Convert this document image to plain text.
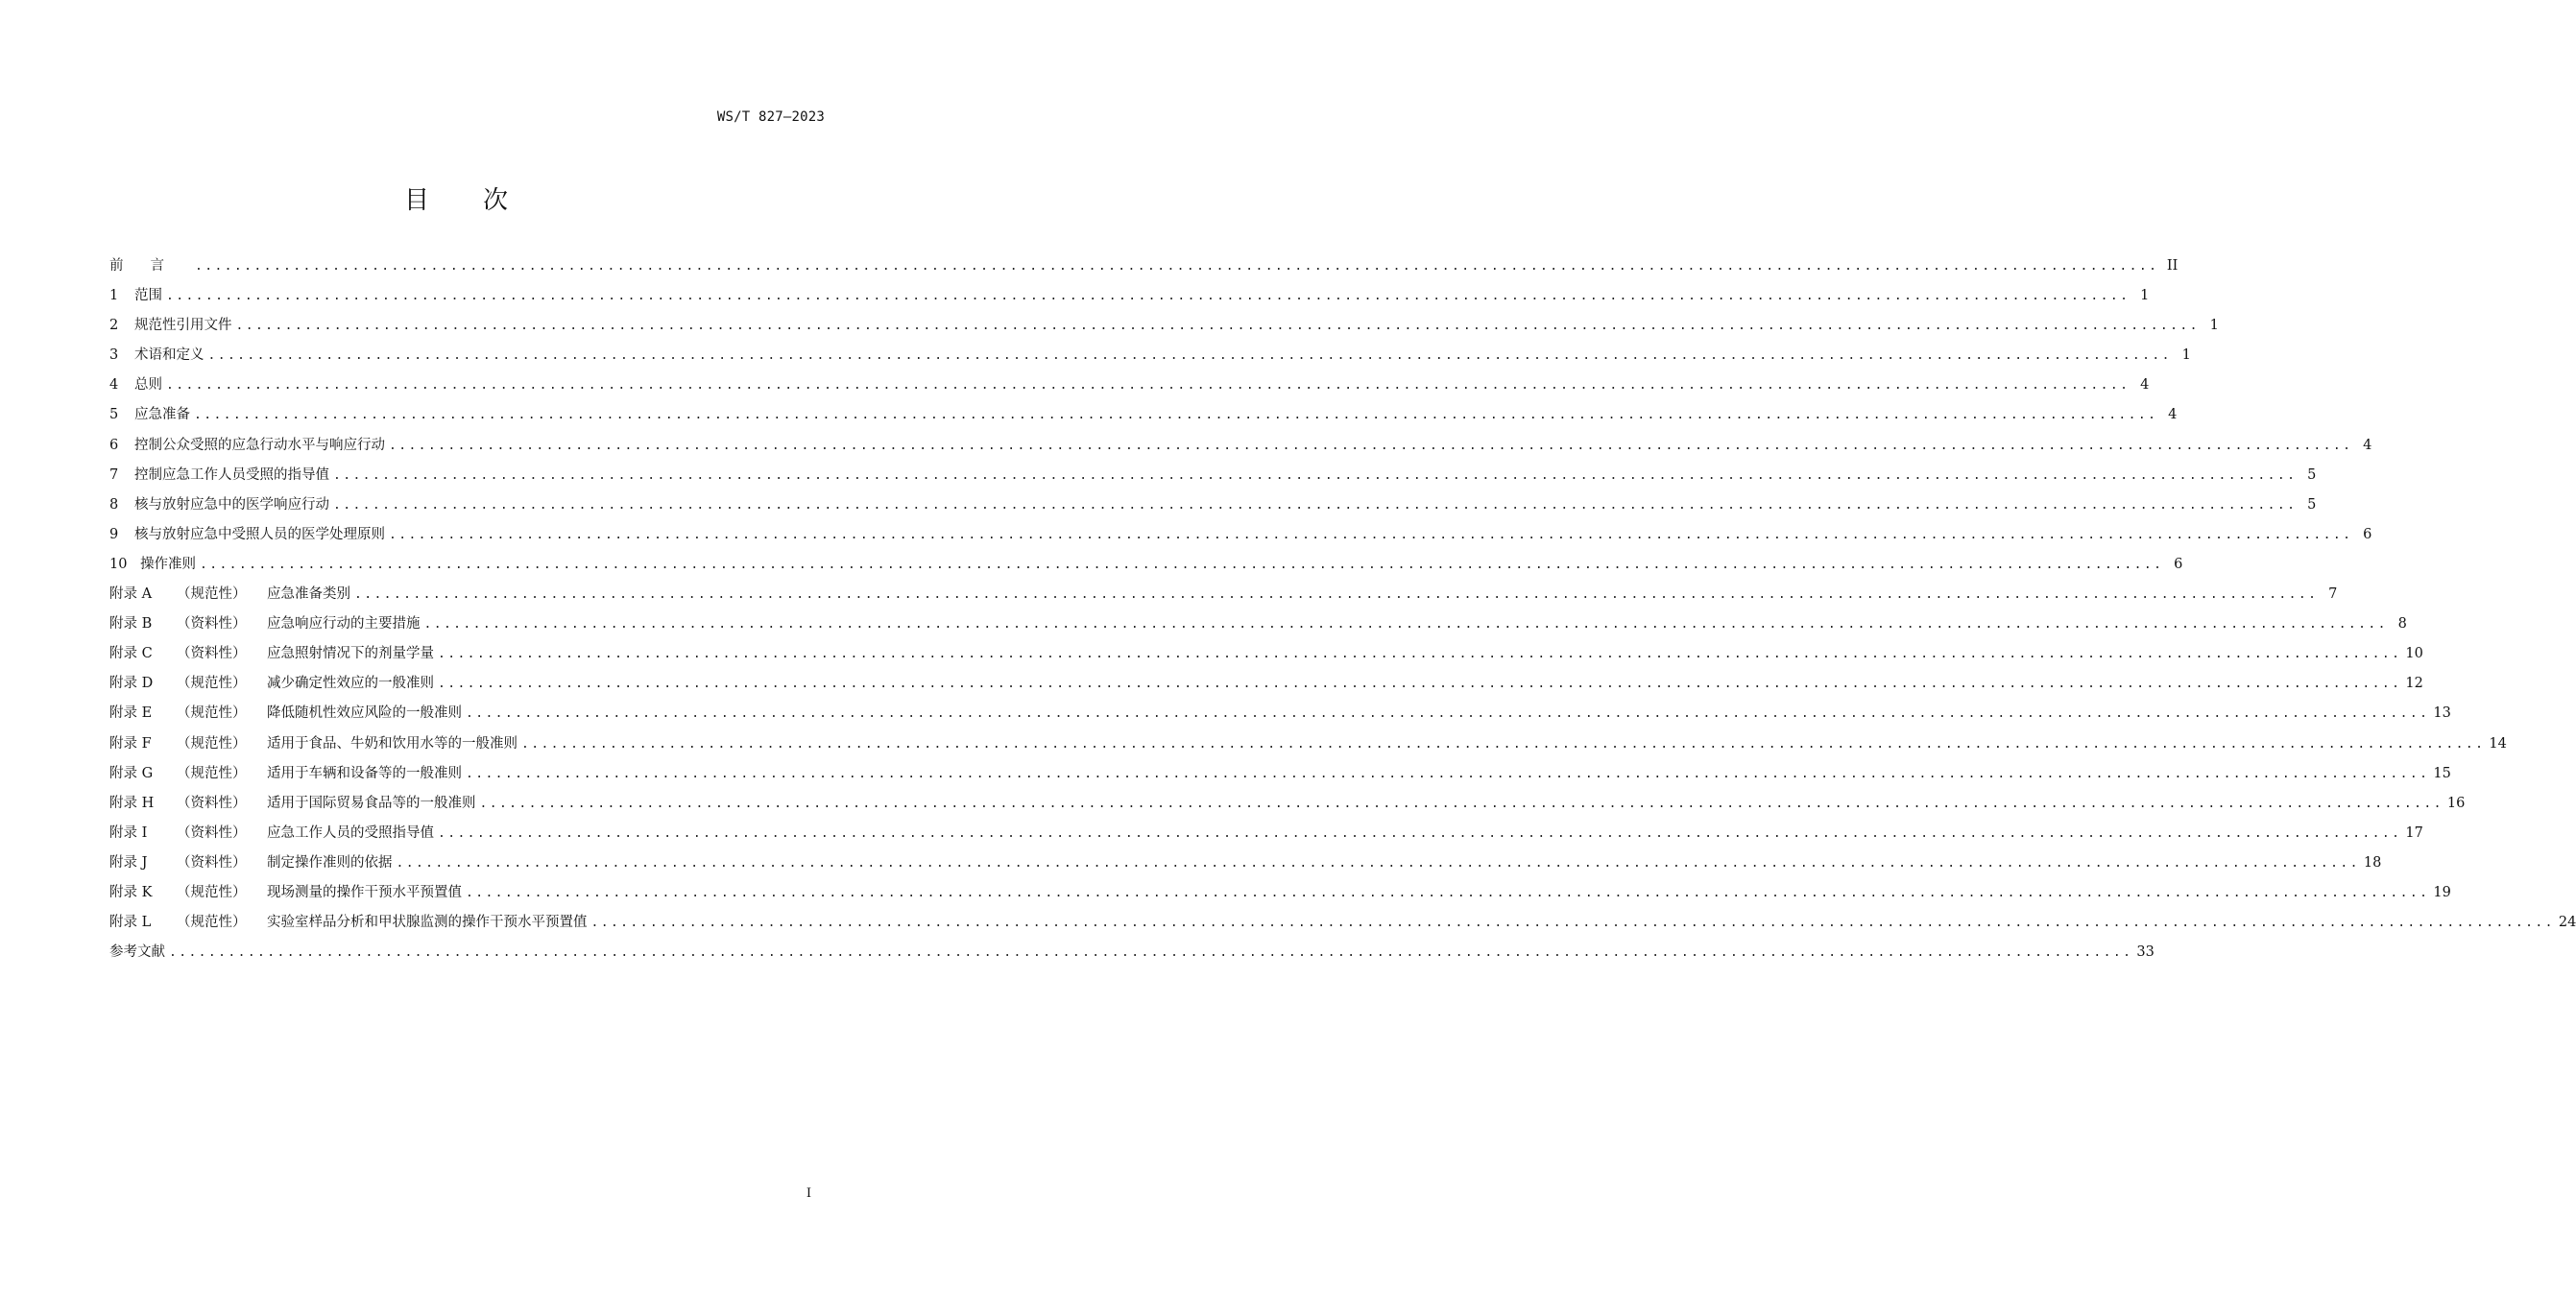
WS/T 827—2023
目 次
前言 ........................................................................................................................................................................................................ II
1	范围 ........................................................................................................................................................................................................ 1
2	规范性引用文件 ........................................................................................................................................................................................................ 1
3	术语和定义 ........................................................................................................................................................................................................ 1
4	总则 ........................................................................................................................................................................................................ 4
5	应急准备 ........................................................................................................................................................................................................ 4
6	控制公众受照的应急行动水平与响应行动 ........................................................................................................................................................................................................ 4
7	控制应急工作人员受照的指导值 ........................................................................................................................................................................................................ 5
8	核与放射应急中的医学响应行动 ........................................................................................................................................................................................................ 5
9	核与放射应急中受照人员的医学处理原则 ........................................................................................................................................................................................................ 6
10 操作准则 ........................................................................................................................................................................................................ 6
附录 A	（规范性）	应急准备类别 ........................................................................................................................................................................................................ 7
附录 B	（资料性）	应急响应行动的主要措施 ........................................................................................................................................................................................................ 8
附录 C	（资料性）	应急照射情况下的剂量学量 ........................................................................................................................................................................................................ 10
附录 D	（规范性）	减少确定性效应的一般准则 ........................................................................................................................................................................................................ 12
附录 E	（规范性）	降低随机性效应风险的一般准则 ........................................................................................................................................................................................................ 13
附录 F	（规范性）	适用于食品、牛奶和饮用水等的一般准则 ........................................................................................................................................................................................................ 14
附录 G	（规范性）	适用于车辆和设备等的一般准则 ........................................................................................................................................................................................................ 15
附录 H	（资料性）	适用于国际贸易食品等的一般准则 ........................................................................................................................................................................................................ 16
附录 I	（资料性）	应急工作人员的受照指导值 ........................................................................................................................................................................................................ 17
附录 J	（资料性）	制定操作准则的依据 ........................................................................................................................................................................................................ 18
附录 K	（规范性）	现场测量的操作干预水平预置值 ........................................................................................................................................................................................................ 19
附录 L	（规范性）	实验室样品分析和甲状腺监测的操作干预水平预置值 ........................................................................................................................................................................................................ 24
参考文献 ........................................................................................................................................................................................................ 33
I
